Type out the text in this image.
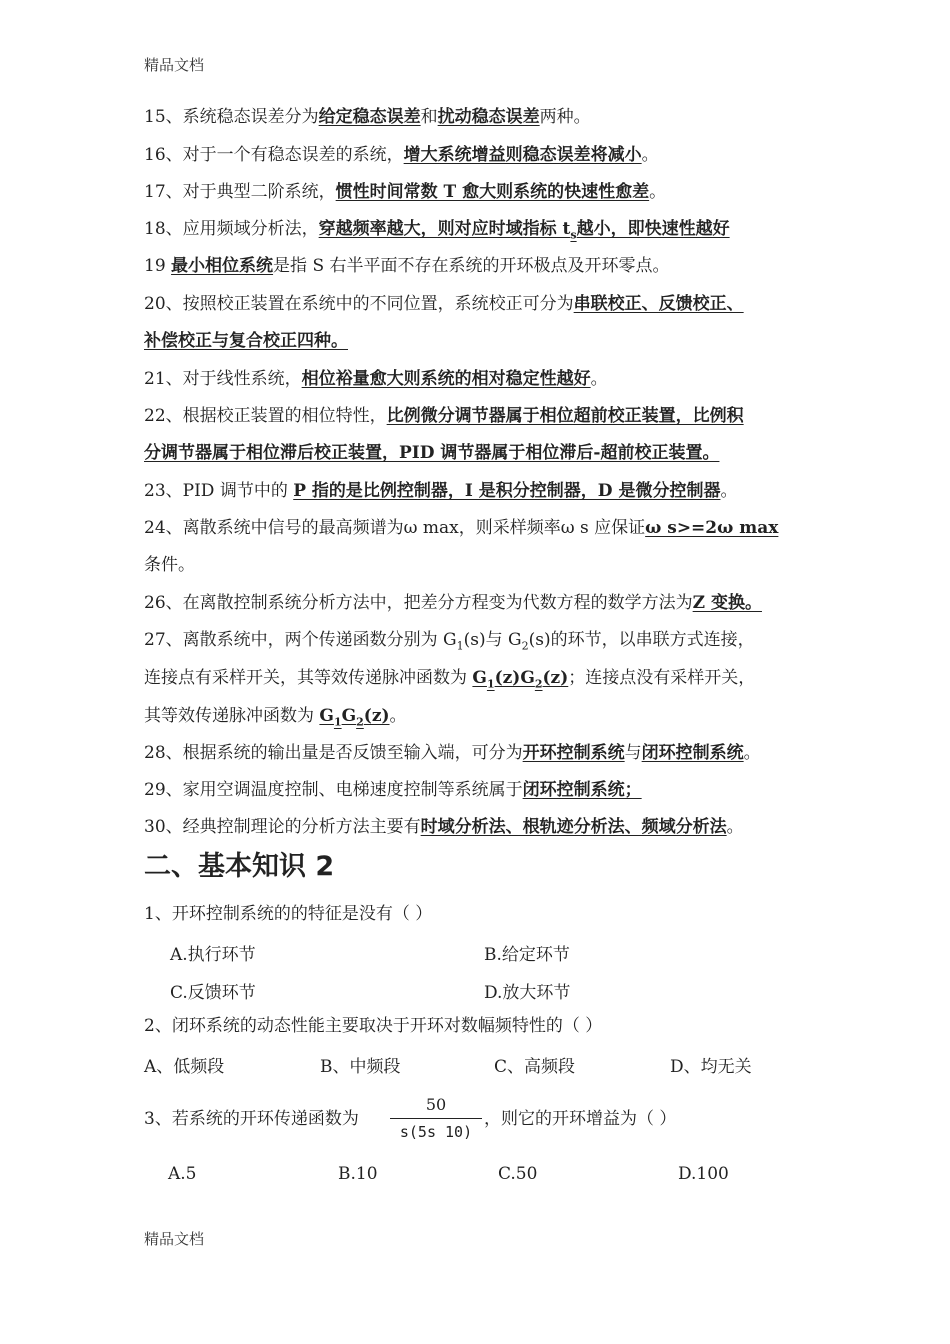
精品文档
15、系统稳态误差分为给定稳态误差和扰动稳态误差两种。
16、对于一个有稳态误差的系统，增大系统增益则稳态误差将减小。
17、对于典型二阶系统，惯性时间常数 T 愈大则系统的快速性愈差。
18、应用频域分析法，穿越频率越大，则对应时域指标 $t_s$越小，即快速性越好
19 最小相位系统是指 S 右半平面不存在系统的开环极点及开环零点。
20、按照校正装置在系统中的不同位置，系统校正可分为串联校正、反馈校正、
补偿校正与复合校正四种。
21、对于线性系统，相位裕量愈大则系统的相对稳定性越好。
22、根据校正装置的相位特性，比例微分调节器属于相位超前校正装置，比例积
分调节器属于相位滞后校正装置，PID 调节器属于相位滞后-超前校正装置。
23、PID 调节中的 P 指的是比例控制器，I 是积分控制器，D 是微分控制器。
24、离散系统中信号的最高频谱为ω max，则采样频率ω s 应保证ω s>=2ω max
条件。
26、在离散控制系统分析方法中，把差分方程变为代数方程的数学方法为Z 变换。
27、离散系统中，两个传递函数分别为 $G_1(s)$与 $G_2(s)$的环节，以串联方式连接，
连接点有采样开关，其等效传递脉冲函数为 $G_1(z)G_2(z)$；连接点没有采样开关，
其等效传递脉冲函数为 $G_1G_2(z)$。
28、根据系统的输出量是否反馈至输入端，可分为开环控制系统与闭环控制系统。
29、家用空调温度控制、电梯速度控制等系统属于闭环控制系统；
30、经典控制理论的分析方法主要有时域分析法、根轨迹分析法、频域分析法。
二、基本知识 2
1、开环控制系统的的特征是没有（ ）
A.执行环节	B.给定环节
C.反馈环节	D.放大环节
2、闭环系统的动态性能主要取决于开环对数幅频特性的（ ）
A、低频段	B、中频段	C、高频段	D、均无关
3、若系统的开环传递函数为 $\frac{50}{s(5s 10)}$ ，则它的开环增益为（ ）
A.5	B.10	C.50	D.100
精品文档
